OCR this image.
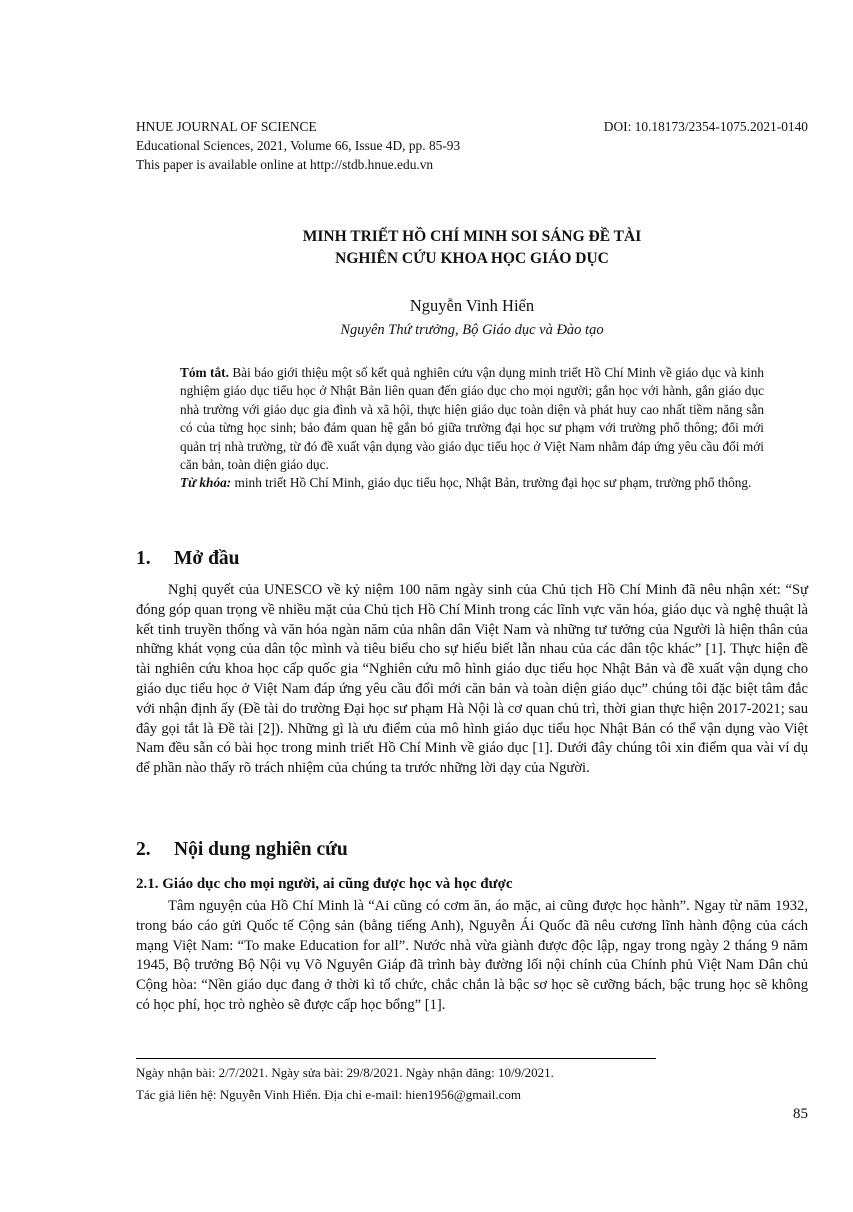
HNUE JOURNAL OF SCIENCE	DOI: 10.18173/2354-1075.2021-0140
Educational Sciences, 2021, Volume 66, Issue 4D, pp. 85-93
This paper is available online at http://stdb.hnue.edu.vn
MINH TRIẾT HỒ CHÍ MINH SOI SÁNG ĐỀ TÀI
NGHIÊN CỨU KHOA HỌC GIÁO DỤC
Nguyễn Vinh Hiển
Nguyên Thứ trưởng, Bộ Giáo dục và Đào tạo

Tóm tắt. Bài báo giới thiệu một số kết quả nghiên cứu vận dụng minh triết Hồ Chí Minh về giáo dục và kinh nghiệm giáo dục tiểu học ở Nhật Bản liên quan đến giáo dục cho mọi người; gắn học với hành, gắn giáo dục nhà trường với giáo dục gia đình và xã hội, thực hiện giáo dục toàn diện và phát huy cao nhất tiềm năng sẵn có của từng học sinh; bảo đảm quan hệ gắn bó giữa trường đại học sư phạm với trường phổ thông; đổi mới quản trị nhà trường, từ đó đề xuất vận dụng vào giáo dục tiểu học ở Việt Nam nhằm đáp ứng yêu cầu đổi mới căn bản, toàn diện giáo dục.

Từ khóa: minh triết Hồ Chí Minh, giáo dục tiểu học, Nhật Bản, trường đại học sư phạm, trường phổ thông.

1. Mở đầu

Nghị quyết của UNESCO về kỷ niệm 100 năm ngày sinh của Chủ tịch Hồ Chí Minh đã nêu nhận xét: “Sự đóng góp quan trọng về nhiều mặt của Chủ tịch Hồ Chí Minh trong các lĩnh vực văn hóa, giáo dục và nghệ thuật là kết tinh truyền thống và văn hóa ngàn năm của nhân dân Việt Nam và những tư tưởng của Người là hiện thân của những khát vọng của dân tộc mình và tiêu biểu cho sự hiểu biết lẫn nhau của các dân tộc khác” [1]. Thực hiện đề tài nghiên cứu khoa học cấp quốc gia “Nghiên cứu mô hình giáo dục tiểu học Nhật Bản và đề xuất vận dụng cho giáo dục tiểu học ở Việt Nam đáp ứng yêu cầu đổi mới căn bản và toàn diện giáo dục” chúng tôi đặc biệt tâm đắc với nhận định ấy (Đề tài do trường Đại học sư phạm Hà Nội là cơ quan chủ trì, thời gian thực hiện 2017-2021; sau đây gọi tắt là Đề tài [2]). Những gì là ưu điểm của mô hình giáo dục tiểu học Nhật Bản có thể vận dụng vào Việt Nam đều sẵn có bài học trong minh triết Hồ Chí Minh về giáo dục [1]. Dưới đây chúng tôi xin điểm qua vài ví dụ để phần nào thấy rõ trách nhiệm của chúng ta trước những lời dạy của Người.

2. Nội dung nghiên cứu
2.1. Giáo dục cho mọi người, ai cũng được học và học được

Tâm nguyện của Hồ Chí Minh là “Ai cũng có cơm ăn, áo mặc, ai cũng được học hành”. Ngay từ năm 1932, trong báo cáo gửi Quốc tế Cộng sản (bằng tiếng Anh), Nguyễn Ái Quốc đã nêu cương lĩnh hành động của cách mạng Việt Nam: “To make Education for all”. Nước nhà vừa giành được độc lập, ngay trong ngày 2 tháng 9 năm 1945, Bộ trưởng Bộ Nội vụ Võ Nguyên Giáp đã trình bày đường lối nội chính của Chính phủ Việt Nam Dân chủ Cộng hòa: “Nền giáo dục đang ở thời kì tổ chức, chắc chắn là bậc sơ học sẽ cưỡng bách, bậc trung học sẽ không có học phí, học trò nghèo sẽ được cấp học bổng” [1].

Ngày nhận bài: 2/7/2021. Ngày sửa bài: 29/8/2021. Ngày nhận đăng: 10/9/2021.

Tác giả liên hệ: Nguyễn Vinh Hiển. Địa chỉ e-mail: hien1956@gmail.com

85
